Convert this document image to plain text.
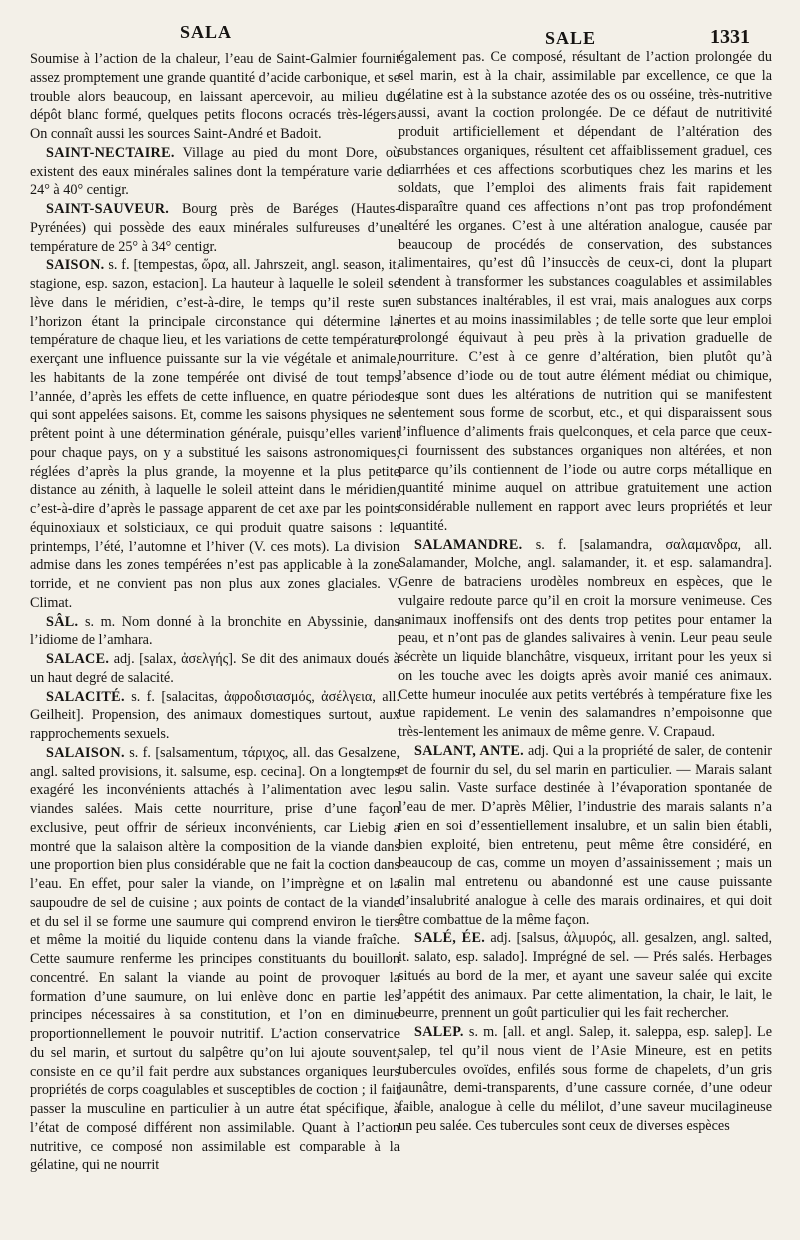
SALA	SALE	1331

Soumise à l’action de la chaleur, l’eau de Saint-Galmier fournit assez promptement une grande quantité d’acide carbonique, et se trouble alors beaucoup, en laissant apercevoir, au milieu du dépôt blanc formé, quelques petits flocons ocracés très-légers. On connaît aussi les sources Saint-André et Badoit.

SAINT-NECTAIRE. Village au pied du mont Dore, où existent des eaux minérales salines dont la température varie de 24° à 40° centigr.

SAINT-SAUVEUR. Bourg près de Baréges (Hautes-Pyrénées) qui possède des eaux minérales sulfureuses d’une température de 25° à 34° centigr.

SAISON. s. f. [tempestas, ὥρα, all. Jahrszeit, angl. season, it. stagione, esp. sazon, estacion]. La hauteur à laquelle le soleil se lève dans le méridien, c’est-à-dire, le temps qu’il reste sur l’horizon étant la principale circonstance qui détermine la température de chaque lieu, et les variations de cette température exerçant une influence puissante sur la vie végétale et animale, les habitants de la zone tempérée ont divisé de tout temps l’année, d’après les effets de cette influence, en quatre périodes qui sont appelées saisons. Et, comme les saisons physiques ne se prêtent point à une détermination générale, puisqu’elles varient pour chaque pays, on y a substitué les saisons astronomiques, réglées d’après la plus grande, la moyenne et la plus petite distance au zénith, à laquelle le soleil atteint dans le méridien, c’est-à-dire d’après le passage apparent de cet axe par les points équinoxiaux et solsticiaux, ce qui produit quatre saisons : le printemps, l’été, l’automne et l’hiver (V. ces mots). La division admise dans les zones tempérées n’est pas applicable à la zone torride, et ne convient pas non plus aux zones glaciales. V. Climat.

SÂL. s. m. Nom donné à la bronchite en Abyssinie, dans l’idiome de l’amhara.

SALACE. adj. [salax, ἀσελγής]. Se dit des animaux doués à un haut degré de salacité.

SALACITÉ. s. f. [salacitas, ἀφροδισιασμός, ἀσέλγεια, all. Geilheit]. Propension, des animaux domestiques surtout, aux rapprochements sexuels.

SALAISON. s. f. [salsamentum, τάριχος, all. das Gesalzene, angl. salted provisions, it. salsume, esp. cecina]. On a longtemps exagéré les inconvénients attachés à l’alimentation avec les viandes salées. Mais cette nourriture, prise d’une façon exclusive, peut offrir de sérieux inconvénients, car Liebig a montré que la salaison altère la composition de la viande dans une proportion bien plus considérable que ne fait la coction dans l’eau. En effet, pour saler la viande, on l’imprègne et on la saupoudre de sel de cuisine ; aux points de contact de la viande et du sel il se forme une saumure qui comprend environ le tiers et même la moitié du liquide contenu dans la viande fraîche. Cette saumure renferme les principes constituants du bouillon concentré. En salant la viande au point de provoquer la formation d’une saumure, on lui enlève donc en partie les principes nécessaires à sa constitution, et l’on en diminue proportionnellement le pouvoir nutritif. L’action conservatrice du sel marin, et surtout du salpêtre qu’on lui ajoute souvent, consiste en ce qu’il fait perdre aux substances organiques leurs propriétés de corps coagulables et susceptibles de coction ; il fait passer la musculine en particulier à un autre état spécifique, à l’état de composé différent non assimilable. Quant à l’action nutritive, ce composé non assimilable est comparable à la gélatine, qui ne nourrit

également pas. Ce composé, résultant de l’action prolongée du sel marin, est à la chair, assimilable par excellence, ce que la gélatine est à la substance azotée des os ou osséine, très-nutritive aussi, avant la coction prolongée. De ce défaut de nutritivité produit artificiellement et dépendant de l’altération des substances organiques, résultent cet affaiblissement graduel, ces diarrhées et ces affections scorbutiques chez les marins et les soldats, que l’emploi des aliments frais fait rapidement disparaître quand ces affections n’ont pas trop profondément altéré les organes. C’est à une altération analogue, causée par beaucoup de procédés de conservation, des substances alimentaires, qu’est dû l’insuccès de ceux-ci, dont la plupart tendent à transformer les substances coagulables et assimilables en substances inaltérables, il est vrai, mais analogues aux corps inertes et au moins inassimilables ; de telle sorte que leur emploi prolongé équivaut à peu près à la privation graduelle de nourriture. C’est à ce genre d’altération, bien plutôt qu’à l’absence d’iode ou de tout autre élément médiat ou chimique, que sont dues les altérations de nutrition qui se manifestent lentement sous forme de scorbut, etc., et qui disparaissent sous l’influence d’aliments frais quelconques, et cela parce que ceux-ci fournissent des substances organiques non altérées, et non parce qu’ils contiennent de l’iode ou autre corps métallique en quantité minime auquel on attribue gratuitement une action considérable nullement en rapport avec leurs propriétés et leur quantité.

SALAMANDRE. s. f. [salamandra, σαλαμανδρα, all. Salamander, Molche, angl. salamander, it. et esp. salamandra]. Genre de batraciens urodèles nombreux en espèces, que le vulgaire redoute parce qu’il en croit la morsure venimeuse. Ces animaux inoffensifs ont des dents trop petites pour entamer la peau, et n’ont pas de glandes salivaires à venin. Leur peau seule sécrète un liquide blanchâtre, visqueux, irritant pour les yeux si on les touche avec les doigts après avoir manié ces animaux. Cette humeur inoculée aux petits vertébrés à température fixe les tue rapidement. Le venin des salamandres n’empoisonne que très-lentement les animaux de même genre. V. Crapaud.

SALANT, ANTE. adj. Qui a la propriété de saler, de contenir et de fournir du sel, du sel marin en particulier. — Marais salant ou salin. Vaste surface destinée à l’évaporation spontanée de l’eau de mer. D’après Mêlier, l’industrie des marais salants n’a rien en soi d’essentiellement insalubre, et un salin bien établi, bien exploité, bien entretenu, peut même être considéré, en beaucoup de cas, comme un moyen d’assainissement ; mais un salin mal entretenu ou abandonné est une cause puissante d’insalubrité analogue à celle des marais ordinaires, et qui doit être combattue de la même façon.

SALÉ, ÉE. adj. [salsus, ἁλμυρός, all. gesalzen, angl. salted, it. salato, esp. salado]. Imprégné de sel. — Prés salés. Herbages situés au bord de la mer, et ayant une saveur salée qui excite l’appétit des animaux. Par cette alimentation, la chair, le lait, le beurre, prennent un goût particulier qui les fait rechercher.

SALEP. s. m. [all. et angl. Salep, it. saleppa, esp. salep]. Le salep, tel qu’il nous vient de l’Asie Mineure, est en petits tubercules ovoïdes, enfilés sous forme de chapelets, d’un gris jaunâtre, demi-transparents, d’une cassure cornée, d’une odeur faible, analogue à celle du mélilot, d’une saveur mucilagineuse un peu salée. Ces tubercules sont ceux de diverses espèces
